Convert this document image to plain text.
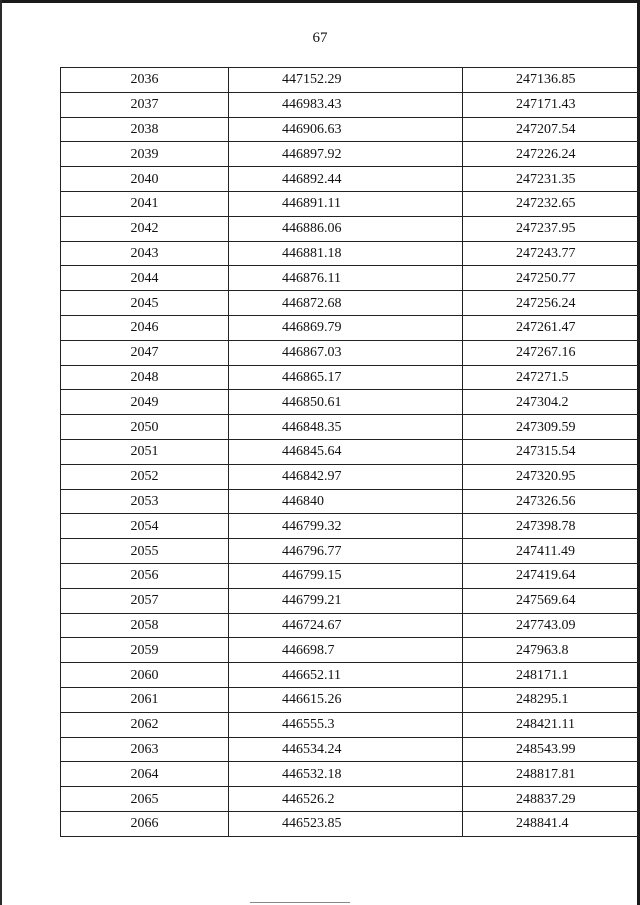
67
2036	447152.29	247136.85
2037	446983.43	247171.43
2038	446906.63	247207.54
2039	446897.92	247226.24
2040	446892.44	247231.35
2041	446891.11	247232.65
2042	446886.06	247237.95
2043	446881.18	247243.77
2044	446876.11	247250.77
2045	446872.68	247256.24
2046	446869.79	247261.47
2047	446867.03	247267.16
2048	446865.17	247271.5
2049	446850.61	247304.2
2050	446848.35	247309.59
2051	446845.64	247315.54
2052	446842.97	247320.95
2053	446840	247326.56
2054	446799.32	247398.78
2055	446796.77	247411.49
2056	446799.15	247419.64
2057	446799.21	247569.64
2058	446724.67	247743.09
2059	446698.7	247963.8
2060	446652.11	248171.1
2061	446615.26	248295.1
2062	446555.3	248421.11
2063	446534.24	248543.99
2064	446532.18	248817.81
2065	446526.2	248837.29
2066	446523.85	248841.4
